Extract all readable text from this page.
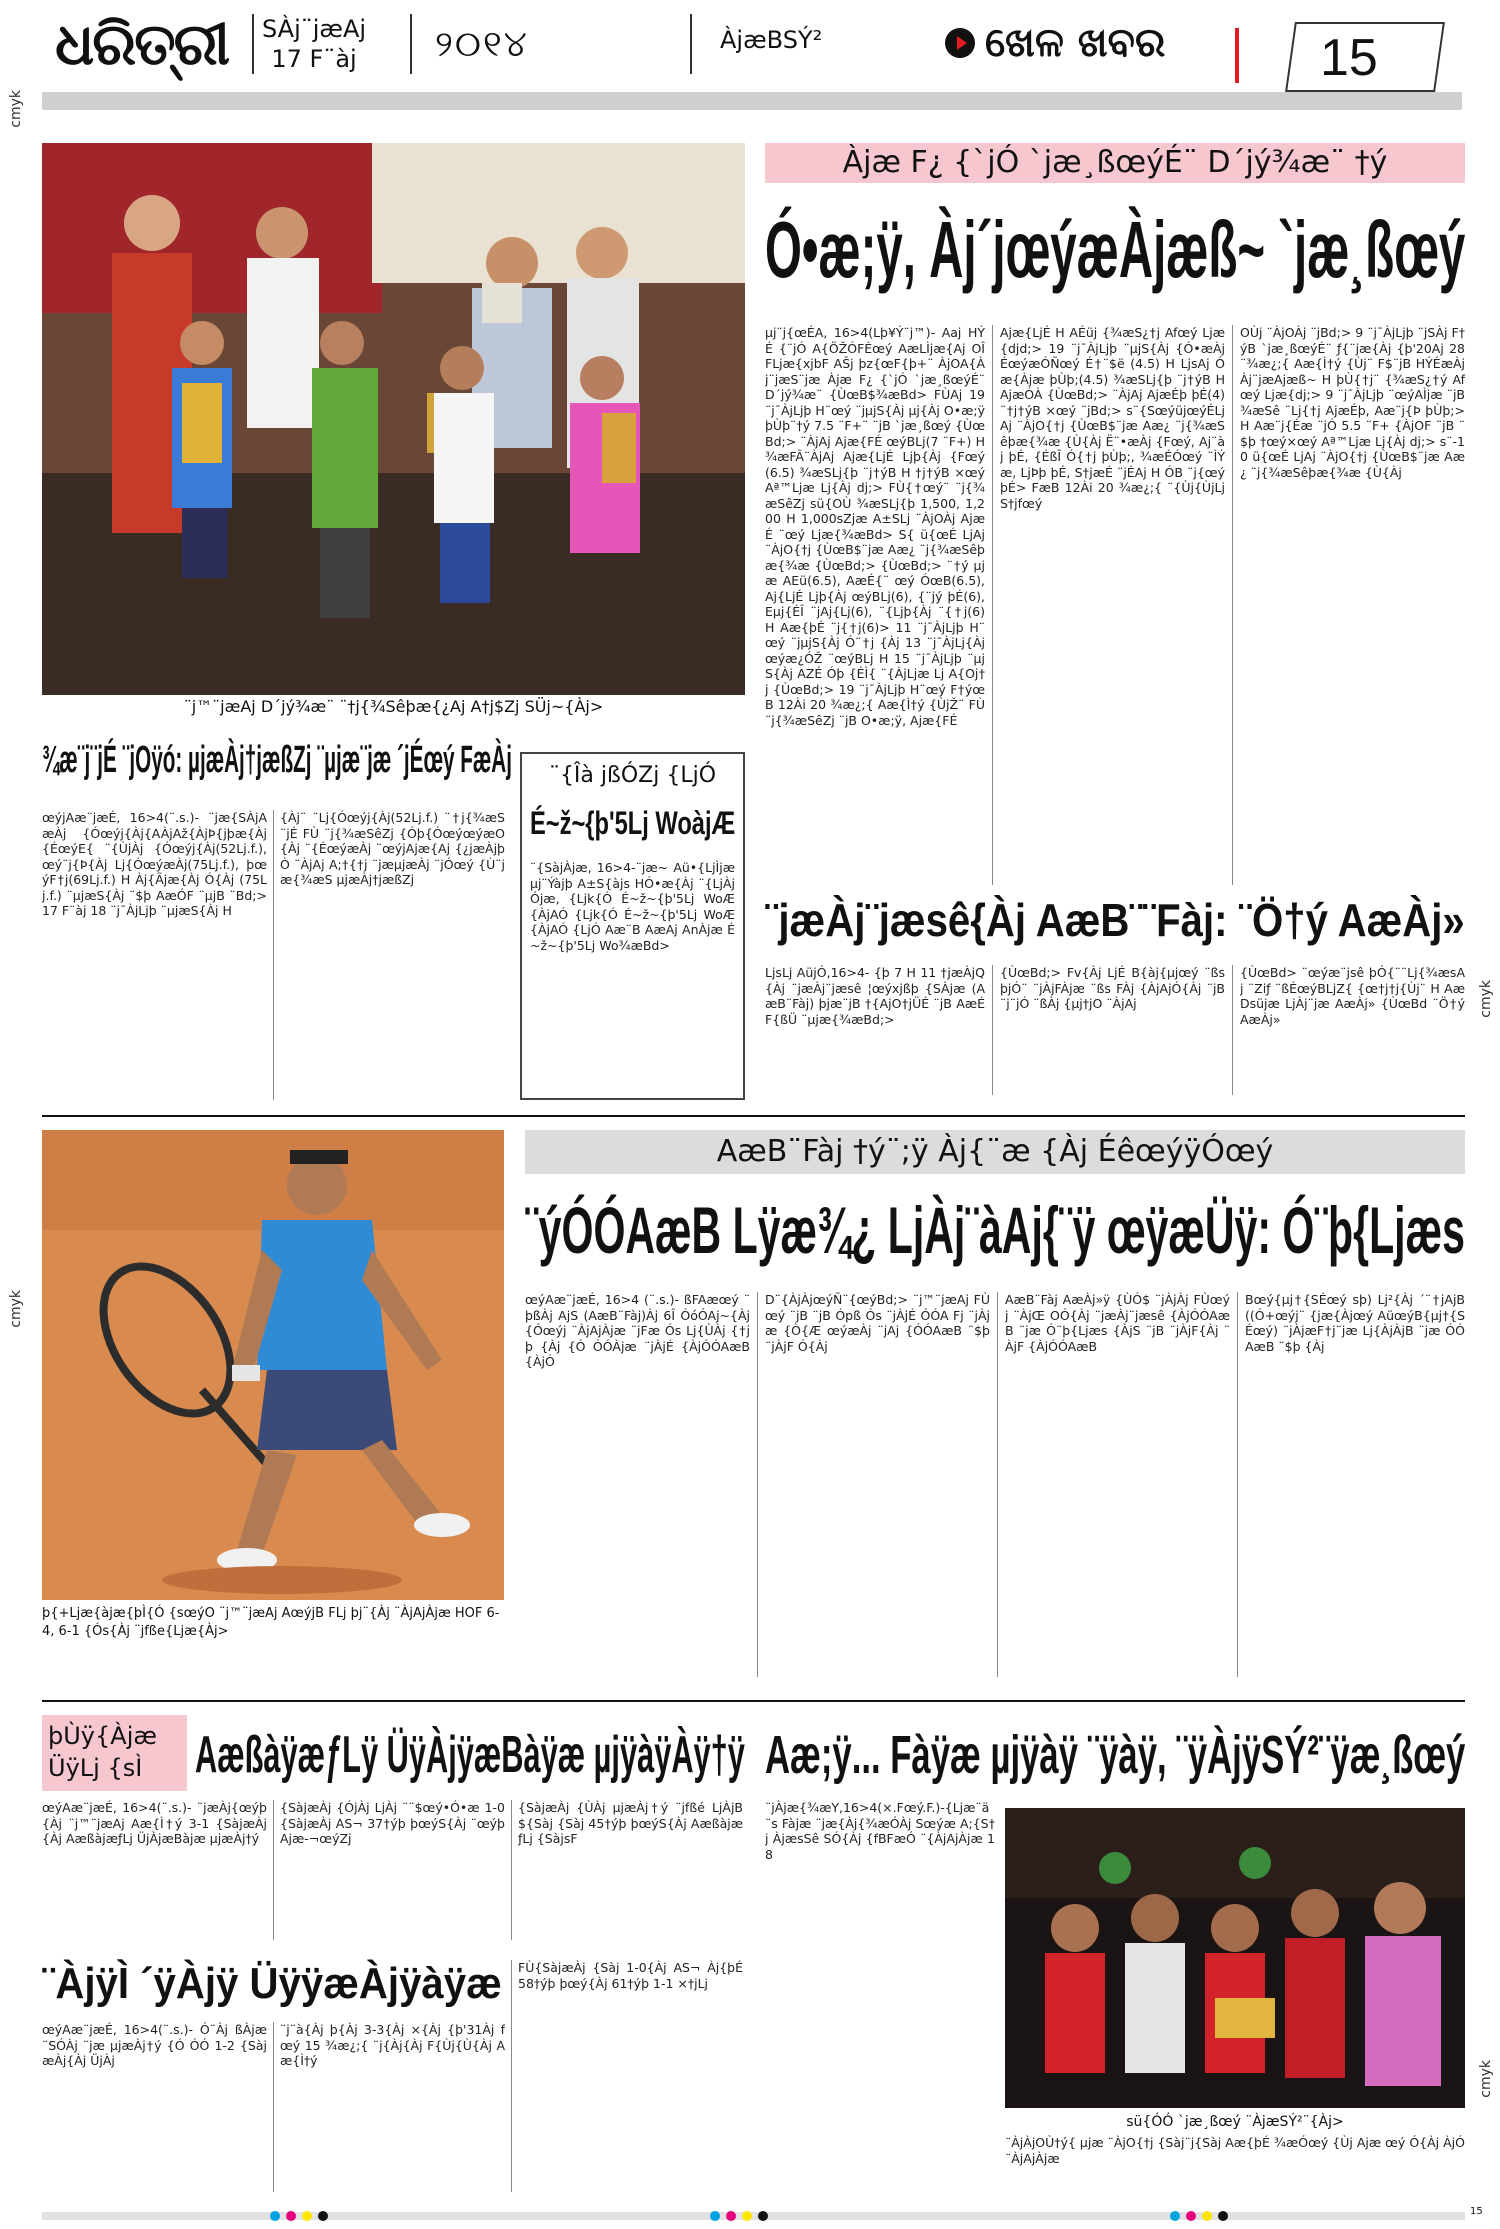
ଧରିତ୍ରୀ SÀj¨jæAj
17 F¨àj ୨୦୧୪	ÀjæBSÝ²	ଖେଳ ଖବର	15
cmyk
cmyk
cmyk
cmyk
¨j™¨jæAj D´jý¾æ¨ ¨†j{¾Sêþæ{¿Aj A†j$Zj SÜj~{Àj>
Àjæ F¿ {`jÓ `jæ¸ßœýÉ¨ D´jý¾æ¨ †ý
Ó•æ;ÿ, Àj´jœýæÀjæß~ `jæ¸ßœý
µj¨j{œÉA, 16>4(Lþ¥Ý¨j™)- Aaj HÝÉ {¨jÓ A{ÖŽÓFÉœý AæLÌjæ{Aj OÎ FLjæ{xjbF AŠj þz{œF{þ+¨ ÀjOA{Àj¨jæS¨jæ Àjæ F¿ {`jÓ `jæ¸ßœýÉ¨ D´jý¾æ¨ {ÙœB$¾æBd> FÙAj 19 ¨j¯ÀjLjþ H¨œý ¨jµjS{Àj µj{Àj O•æ;ÿ þÙþ¨†ý 7.5 ¨F+¨ ¨jB `jæ¸ßœý {ÙœBd;> ¨ÀjAj Ajæ{FÉ œýBLj(7 ¨F+) H ¾æFÂ¨ÀjAj Ajæ{LjÉ Ljþ{Àj {Fœý(6.5) ¾æSLj{þ ¨j†ýB H †j†ýB ×œý Aª™Ljæ Lj{Àj dj;> FÙ{†œý¨ ¨j{¾æSêZj sü{OÙ ¾æSLj{þ 1,500, 1,200 H 1,000sZjæ A±SLj ¨ÀjOÀj AjæÉ ¨œý Ljæ{¾æBd> S{ ü{œÉ LjAj ¨ÀjO{†j {ÙœB$¨jæ Aæ¿ ¨j{¾æSêþæ{¾æ {ÙœBd;> {ÙœBd;> ¨†ý µjæ AEü(6.5), AæÉ{¨ œý ÓœB(6.5), Aj{LjÉ Ljþ{Àj œýBLj(6), {¨jý þÉ(6), Eµj{ÉÎ ¨jAj{Lj(6), ¨{Ljþ{Àj ¨{†j(6) H Aæ{þÉ ¨j{†j(6)> 11 ¨j¯ÀjLjþ H¨œý ¨jµjS{Àj Ó¨†j {Àj 13 ¨j¯ÀjLj{Àj œýæ¿ÓŽ ¨œýBLj H 15 ¨j¯ÀjLjþ ¨µjS{Àj AZÉ Óþ {ÉÌ{ ¨{ÀjLjæ Lj A{Oj†j {ÙœBd;> 19 ¨j¯ÀjLjþ H¨œý F†ýœB 12Ài 20 ¾æ¿;{ Aæ{Ì†ý {ÙjŽ¨ FÙ ¨j{¾æSêZj ¨jB O•æ;ÿ, Ajæ{FÉ
Ajæ{LjÉ H AÉüj {¾æS¿†j Afœý Ljæ{djd;> 19 ¨j¯ÀjLjþ ¨µjS{Àj {Ó•æÀj ÉœýæÓÑœý É†¨$ë (4.5) H LjsAj Óæ{Àjæ þÙþ;(4.5) ¾æSLj{þ ¨j†ýB H AjæÓÀ {ÙœBd;> ¨ÀjAj AjæÉþ þÉ(4) ¨†j†ýB ×œý ¨jBd;> s¨{SœýüjœýÉLjAj ¨ÀjO{†j {ÙœB$¨jæ Aæ¿ ¨j{¾æSêþæ{¾æ {Ù{Àj Ë¨•æÀj {Fœý, Aj¨àj þÉ, {ÉßÎ Ó{†j þÙþ;, ¾æÉÓœý ¨ÌÝæ, LjÞþ þÉ, S†jæÉ ¨jÉAj H ÓB ¨j{œý þÉ> FæB 12Ài 20 ¾æ¿;{ ¨{Ùj{ÙjLjS†jfœý
OÙj ¨ÀjOÀj ¨jBd;> 9 ¨j¯ÀjLjþ ¨jSÀj F†ýB `jæ¸ßœýÉ¨ ƒ{¨jæ{Àj {þ'20Aj 28 ¨¾æ¿;{ Aæ{Ì†ý {Ùj¨ F$¨jB HÝÉæÀj Àj¨jæAjæß~ H þÙ{†j¨ {¾æS¿†ý Afœý Ljæ{dj;> 9 ¨j¯ÀjLjþ ¨œýAÌjæ ¨jB ¾æSê ¨Lj{†j AjæÉþ, Aæ¨j{Þ þÙþ;> H Aæ¨j{Éæ ¨jÓ 5.5 ¨F+ {ÀjOF ¨jB ¨$þ †œý×œý Aª™Ljæ Lj{Àj dj;> s¨-10 ü{œÉ LjAj ¨ÀjO{†j {ÙœB$¨jæ Aæ¿ ¨j{¾æSêþæ{¾æ {Ù{Àj
¾æ¨j¨jÉ ¨jOÿó: µjæÀj†jæßZj ¨µjæ¨jæ ´jÉœý FæÀj
œýjAæ¨jæÉ, 16>4(¨.s.)- ¨jæ{SÀjAæÀj {Óœýj{Àj{AÀjAž{ÀjÞ{jþæ{Àj {ÉœýE{ ¨{ÙjÀj {Óœýj{Àj(52Lj.f.), œý¨j{Þ{Àj Lj{ÓœýæÀj(75Lj.f.), þœýF†j(69Lj.f.) H Àj{Ãjæ{Àj Ó{Àj (75Lj.f.) ¨µjæS{Àj ¨$þ AæÓF ¨µjB ¨Bd;> 17 F¨àj 18 ¨j¯ÀjLjþ ¨µjæS{Àj H
{Àj¨ ¨Lj{Óœýj{Àj(52Lj.f.) ¨†j{¾æS ¨jÉ FÙ ¨j{¾æSêZj {Óþ{ÓœýœýæO{Àj ¨{ÉœýæÀj ¨œýjAjæ{Aj {¿jæÀjþÒ ¨ÀjAj A;†{†j ¨jæµjæÀj ¨jÓœý {Ù¨jæ{¾æS µjæÀj†jæßZj
¨{Îà jßÓZj {LjÓ
É~ž~{þ'5Lj WoàjÆ
¨{SàjÀjæ, 16>4-¨jæ~ Aü•{LjÌjæ µj¨Ýàjþ A±S{àjs HÓ•æ{Àj ¨{LjÀjÓjæ, {Ljk{Ó É~ž~{þ'5Lj WoÆ{ÀjAÓ {Ljk{Ó É~ž~{þ'5Lj WoÆ{ÀjAÓ {LjÓ Aæ¨B AæAj AnÀjæ É~ž~{þ'5Lj Wo¾æBd>	¨jæÀj¨jæsê{Àj AæB¨¨Fàj: ¨Ö†ý AæÀj»
LjsLj AüjÓ,16>4- {þ 7 H 11 †jæÀjQ{Àj ¨jæÀj¨jæsê ¦œýxjßþ {SÀjæ (AæB¨Fàj) þjæ¨jB †{AjO†jÜÉ ¨jB AæÉ F{ßÜ ¨µjæ{¾æBd;>
{ÙœBd;> Fv{Àj LjÉ B{àj{µjœý ¨ßs þjÓ¨ ¨jÀjFÀjæ ¨ßs FÀj {ÀjAjÓ{Àj ¨jB ¨j¨jÓ ¨ßÀj {µj†jO ¨ÀjAj
{ÙœBd> ¨œýæ¨jsê þÓ{¨¨Lj{¾æsAj ¨Ziƒ ¨ßÉœýBLjZ{ {œ†j†j{Ùj¨ H AæDsüjæ LjÀj¨jæ AæÀj» {ÙœBd ¨Ö†ý AæÀj»
þ{+Ljæ{àjæ{þÌ{Ó {sœýO ¨j™¨jæAj AœýjB FLj þj¨{Àj ¨ÀjAjÀjæ HOF 6-4, 6-1 {Ós{Àj ¨jfße{Ljæ{Àj>
AæB¨Fàj †ý¨;ÿ Àj{¨æ {Àj ÉêœýÿÓœý
¨ýÓÓAæB Lÿæ¾¿ LjÀj¨àAj{¨ÿ œÿæÜÿ: Ó¨þ{Ljæs
œýAæ¨jæÉ, 16>4 (¨.s.)- ßFAæœý ¨þßÀj AjS (AæB¨Fàj)Àj 6Î ÓóÓAj~{Àj {Óœýj ¨ÀjAjÀjæ ¨jFæ Ós Lj{ÙÀj {†jþ {Àj {Ó ÓÓÀjæ ¨jÀjÉ {ÀjÓÓAæB {ÀjÓ
D¨{ÀjÀjœýÑ¨{œýBd;> ¨j™¨jæAj FÙœý ¨jB ¨jB Ópß Ós ¨jÀjÉ ÓÓA Fj ¨jÀjæ {Ò{Æ œýæÀj ¨jAj {ÓÓAæB ¨$þ ¨jÀjF Ó{Àj
AæB¨Fàj AæÀj»ÿ {ÙÓ$ ¨jÀjÀj FÙœýj ¨ÀjŒ OÓ{Àj ¨jæÀj¨jæsê {ÀjÓÓAæB ¨jæ Ó¨þ{Ljæs {ÀjS ¨jB ¨jÀjF{Àj ¨ÀjF {ÀjÓÓAæB
Bœý{µj†{SÉœý sþ) Lj²{Àj ´¨†jAjB ((Ó+œýj¨ {jæ{Àjœý AüœýB{µj†{SÉœý) ¨jÀjæF†j¨jæ Lj{ÀjÀjB ¨jæ ÓÓAæB ¨$þ {Àj
þÙÿ{Àjæ ÜÿLj {sÌ	AæßàÿæƒLÿ ÜÿÀjÿæBàÿæ µjÿàÿÀÿ†ÿ
œýAæ¨jæÉ, 16>4(¨.s.)- ¨jæÀj{œýþ{Àj ¨j™¨jæAj Aæ{Ì†ý 3-1 {SàjæÀj{Àj AæßàjæƒLj ÜjÀjæBàjæ µjæÀj†ý
{SàjæÀj {ÓjÀj LjÀj ¨¨$œý•Ó•æ 1-0 {SàjæÀj AS¬ 37†ýþ þœýS{Àj ¨œýþ Ajæ-¬œýZj
{SàjæÀj {ÙÀj µjæÀj†ý ¨jfßé LjÀjB${Sàj {Sàj 45†ýþ þœýS{Àj AæßàjæƒLj {SàjsF
¨ÀjÿÌ ´ÿÀjÿ ÜÿÿæÀjÿàÿæ
œýAæ¨jæÉ, 16>4(¨.s.)- Ó¨Àj ßÀjæ ¨SÓÀj ¨jæ µjæÀj†ý {Ó ÓÓ 1-2 {SàjæÀj{Àj ÜjÀj
¨j¨à{Àj þ{Àj 3-3{Àj ×{Àj {þ'31Àj fœý 15 ¾æ¿;{ ¨j{Àj{Àj F{Ùj{Ù{Àj Aæ{Ì†ý
FÙ{SàjæÀj {Sàj 1-0{Àj AS¬ Àj{þÉ 58†ýþ þœý{Àj 61†ýþ 1-1 ×†jLj
Aæ;ÿ... Fàÿæ µjÿàÿ ¨ÿàÿ, ¨ÿÀjÿSÝ²¨ÿæ¸ßœý
¨jÀjæ{¾æY,16>4(×.Fœý.F.)-{Ljæ¨ä¨s Fàjæ ¨jæ{Àj{¾æÓÀj Sœýæ A;{S†j ÀjæsSê SÓ{Àj {fBFæÓ ¨{ÀjAjÀjæ 18
sü{ÓÓ `jæ¸ßœý ¨ÀjæSÝ²¨{Àj>
¨ÀjÀjOÙ†ý{ µjæ ¨ÀjO{†j {Sàj¨j{Sàj Aæ{þÉ ¾æÓœý {Ùj Ajæ œý Ó{Àj ÀjÓ ¨ÀjAjÀjæ
15
